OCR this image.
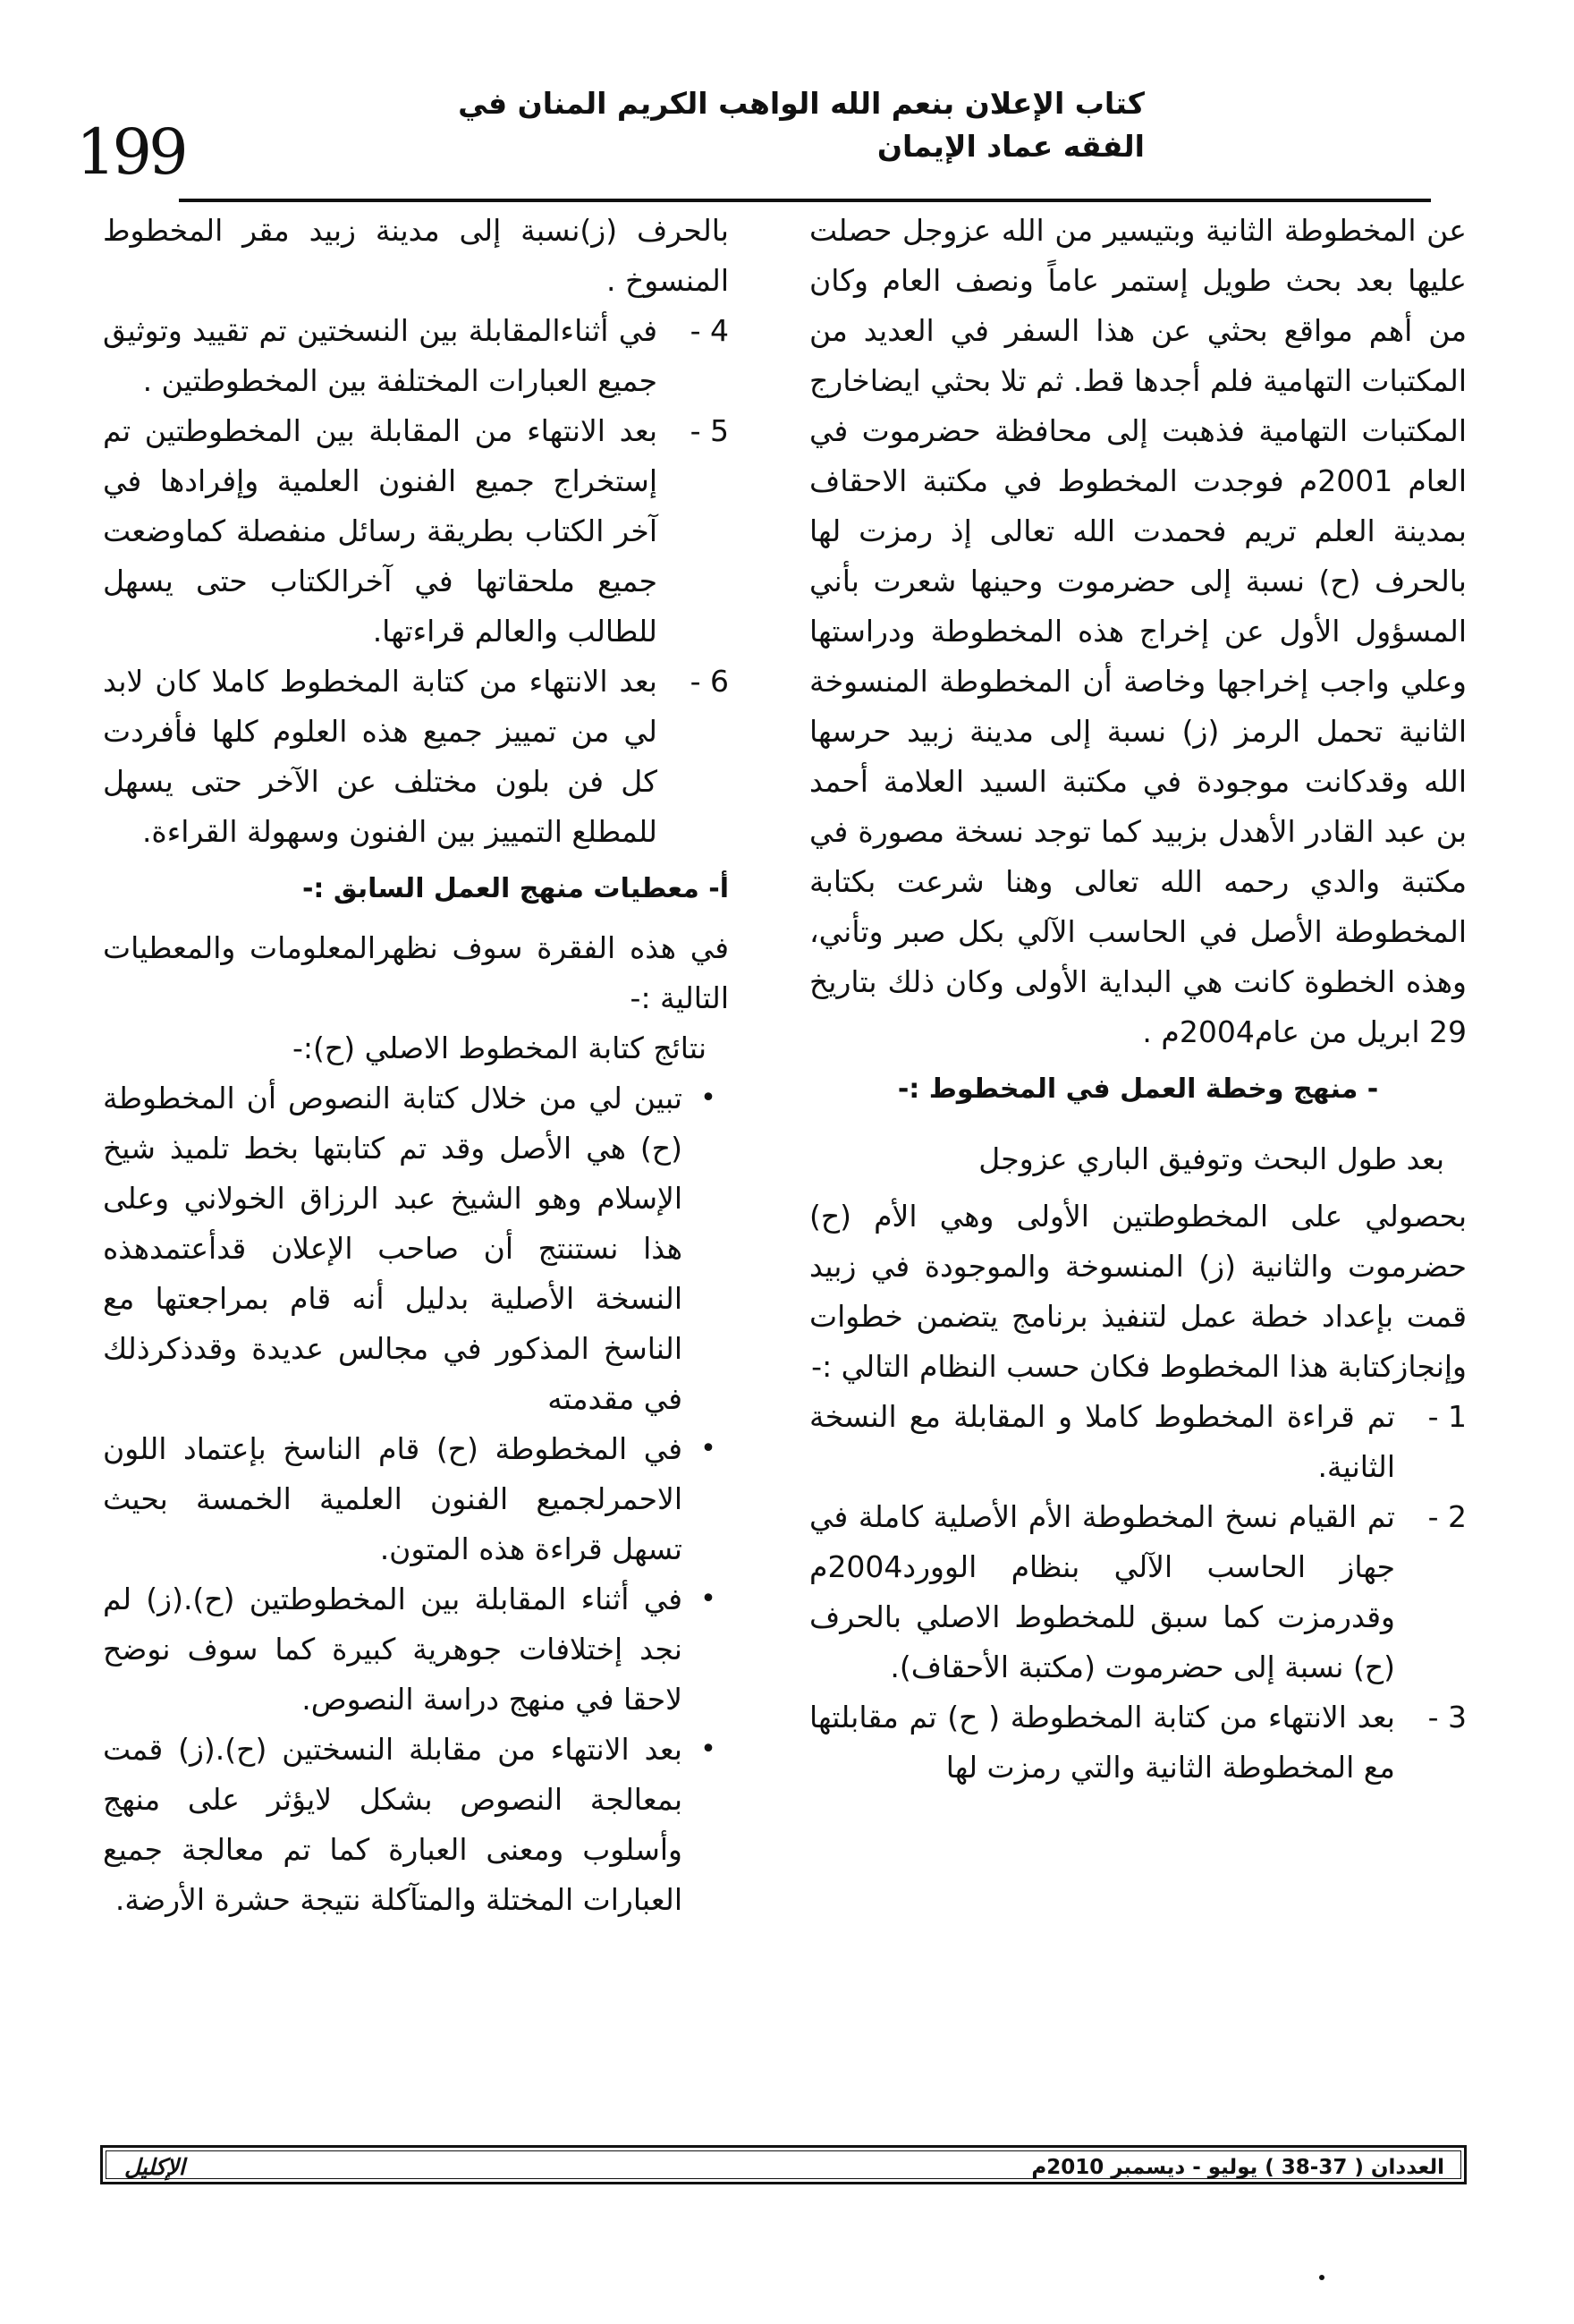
199
كتاب الإعلان بنعم الله الواهب الكريم المنان في الفقه عماد الإيمان

عن المخطوطة الثانية وبتيسير من الله عزوجل حصلت عليها بعد بحث طويل إستمر عاماً ونصف العام وكان من أهم مواقع بحثي عن هذا السفر في العديد من المكتبات التهامية فلم أجدها قط. ثم تلا بحثي ايضاخارج المكتبات التهامية فذهبت إلى محافظة حضرموت في العام 2001م فوجدت المخطوط في مكتبة الاحقاف بمدينة العلم تريم فحمدت الله تعالى إذ رمزت لها بالحرف (ح) نسبة إلى حضرموت وحينها شعرت بأني المسؤول الأول عن إخراج هذه المخطوطة ودراستها وعلي واجب إخراجها وخاصة أن المخطوطة المنسوخة الثانية تحمل الرمز (ز) نسبة إلى مدينة زبيد حرسها الله وقدكانت موجودة في مكتبة السيد العلامة أحمد بن عبد القادر الأهدل بزبيد كما توجد نسخة مصورة في مكتبة والدي رحمه الله تعالى وهنا شرعت بكتابة المخطوطة الأصل في الحاسب الآلي بكل صبر وتأني، وهذه الخطوة كانت هي البداية الأولى وكان ذلك بتاريخ 29 ابريل من عام2004م .

- منهج وخطة العمل في المخطوط :-

بعد طول البحث وتوفيق الباري عزوجل

بحصولي على المخطوطتين الأولى وهي الأم (ح) حضرموت والثانية (ز) المنسوخة والموجودة في زبيد قمت بإعداد خطة عمل لتنفيذ برنامج يتضمن خطوات وإنجازكتابة هذا المخطوط فكان حسب النظام التالي :-

1 -
تم قراءة المخطوط كاملا و المقابلة مع النسخة الثانية.
2 -
تم القيام نسخ المخطوطة الأم الأصلية كاملة في جهاز الحاسب الآلي بنظام الوورد2004م وقدرمزت كما سبق للمخطوط الاصلي بالحرف (ح) نسبة إلى حضرموت (مكتبة الأحقاف).
3 -
بعد الانتهاء من كتابة المخطوطة ( ح) تم مقابلتها مع المخطوطة الثانية والتي رمزت لها

بالحرف (ز)نسبة إلى مدينة زبيد مقر المخطوط المنسوخ .

4 -
في أثناءالمقابلة بين النسختين تم تقييد وتوثيق جميع العبارات المختلفة بين المخطوطتين .
5 -
بعد الانتهاء من المقابلة بين المخطوطتين تم إستخراج جميع الفنون العلمية وإفرادها في آخر الكتاب بطريقة رسائل منفصلة كماوضعت جميع ملحقاتها في آخرالكتاب حتى يسهل للطالب والعالم قراءتها.
6 -
بعد الانتهاء من كتابة المخطوط كاملا كان لابد لي من تمييز جميع هذه العلوم كلها فأفردت كل فن بلون مختلف عن الآخر حتى يسهل للمطلع التمييز بين الفنون وسهولة القراءة.

أ- معطيات منهج العمل السابق :-

في هذه الفقرة سوف نظهرالمعلومات والمعطيات التالية :-

نتائج كتابة المخطوط الاصلي (ح):-

•
تبين لي من خلال كتابة النصوص أن المخطوطة (ح) هي الأصل وقد تم كتابتها بخط تلميذ شيخ الإسلام وهو الشيخ عبد الرزاق الخولاني وعلى هذا نستنتج أن صاحب الإعلان قدأعتمدهذه النسخة الأصلية بدليل أنه قام بمراجعتها مع الناسخ المذكور في مجالس عديدة وقدذكرذلك في مقدمته
•
في المخطوطة (ح) قام الناسخ بإعتماد اللون الاحمرلجميع الفنون العلمية الخمسة بحيث تسهل قراءة هذه المتون.
•
في أثناء المقابلة بين المخطوطتين (ح).(ز) لم نجد إختلافات جوهرية كبيرة كما سوف نوضح لاحقا في منهج دراسة النصوص.
•
بعد الانتهاء من مقابلة النسختين (ح).(ز) قمت بمعالجة النصوص بشكل لايؤثر على منهج وأسلوب ومعنى العبارة كما تم معالجة جميع العبارات المختلة والمتآكلة نتيجة حشرة الأرضة.
العددان ( 37-38 ) يوليو - ديسمبر 2010م
الإكليل
